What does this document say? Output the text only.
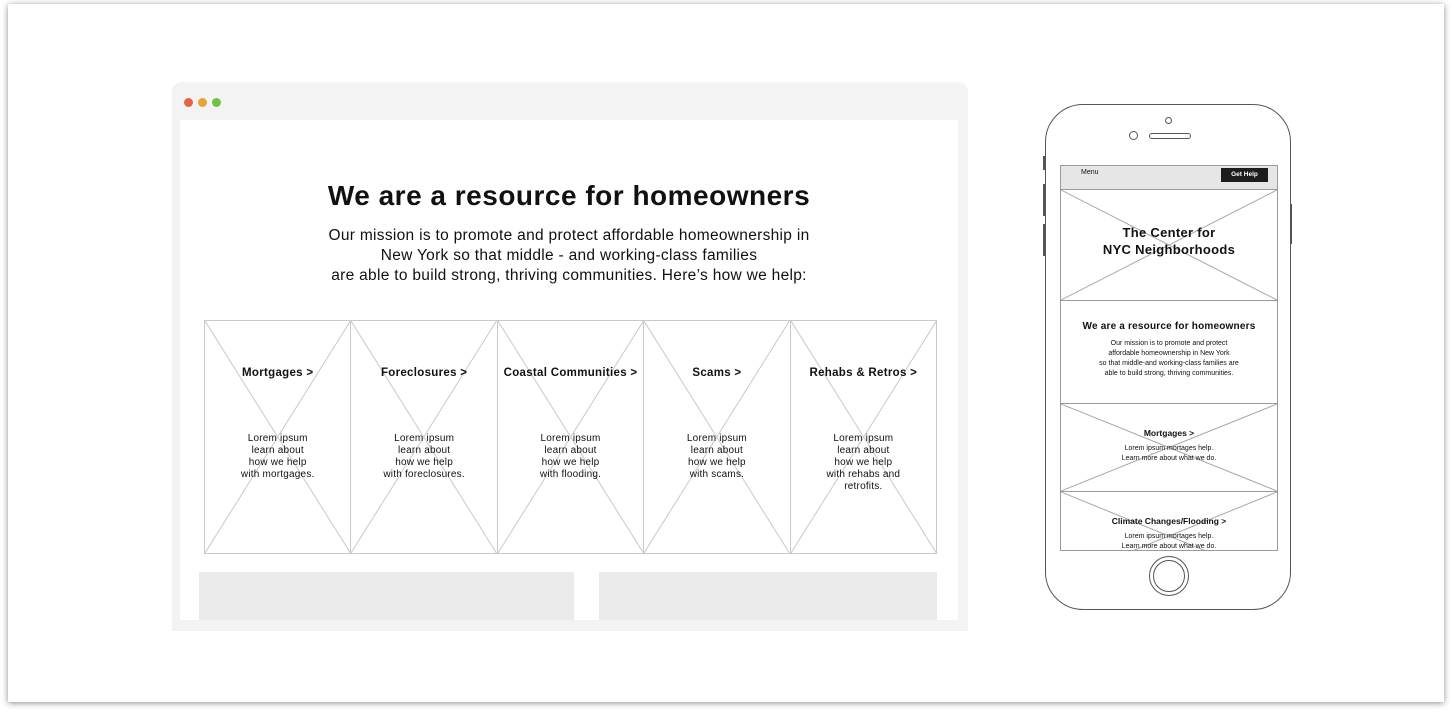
We are a resource for homeowners
Our mission is to promote and protect affordable homeownership in
New York so that middle - and working-class families
are able to build strong, thriving communities. Here’s how we help:
Mortgages >
Lorem ipsum
learn about
how we help
with mortgages.
Foreclosures >
Lorem ipsum
learn about
how we help
with foreclosures.
Coastal Communities >
Lorem ipsum
learn about
how we help
with flooding.
Scams >
Lorem ipsum
learn about
how we help
with scams.
Rehabs & Retros >
Lorem ipsum
learn about
how we help
with rehabs and
retrofits.
Menu	Get Help
The Center for
NYC Neighborhoods
We are a resource for homeowners
Our mission is to promote and protect
affordable homeownership in New York
so that middle-and working-class families are
able to build strong, thriving communities.
Mortgages >
Lorem ipsum mortages help.
Learn more about what we do.
Climate Changes/Flooding >
Lorem ipsum mortages help.
Learn more about what we do.
